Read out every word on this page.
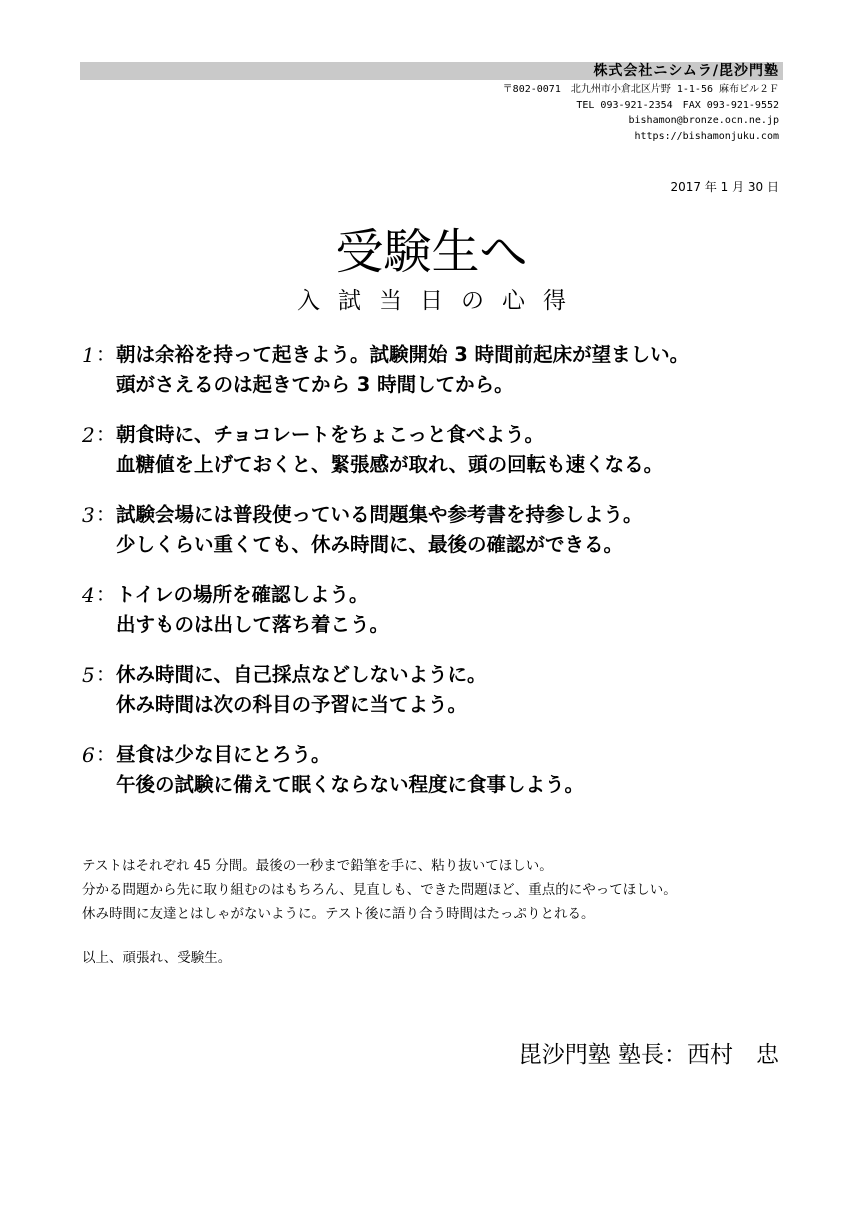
株式会社ニシムラ/毘沙門塾
〒802-0071　北九州市小倉北区片野 1-1-56 麻布ビル２Ｆ
TEL 093-921-2354　FAX 093-921-9552
bishamon@bronze.ocn.ne.jp
https://bishamonjuku.com
2017 年 1 月 30 日
受験生へ
入試当日の心得
1 ： 朝は余裕を持って起きよう。試験開始 3 時間前起床が望ましい。
頭がさえるのは起きてから 3 時間してから。
2 ： 朝食時に、チョコレートをちょこっと食べよう。
血糖値を上げておくと、緊張感が取れ、頭の回転も速くなる。
3 ： 試験会場には普段使っている問題集や参考書を持参しよう。
少しくらい重くても、休み時間に、最後の確認ができる。
4 ： トイレの場所を確認しよう。
出すものは出して落ち着こう。
5 ： 休み時間に、自己採点などしないように。
休み時間は次の科目の予習に当てよう。
6 ： 昼食は少な目にとろう。
午後の試験に備えて眠くならない程度に食事しよう。
テストはそれぞれ 45 分間。最後の一秒まで鉛筆を手に、粘り抜いてほしい。
分かる問題から先に取り組むのはもちろん、見直しも、できた問題ほど、重点的にやってほしい。
休み時間に友達とはしゃがないように。テスト後に語り合う時間はたっぷりとれる。
以上、頑張れ、受験生。
毘沙門塾 塾長：西村　忠
